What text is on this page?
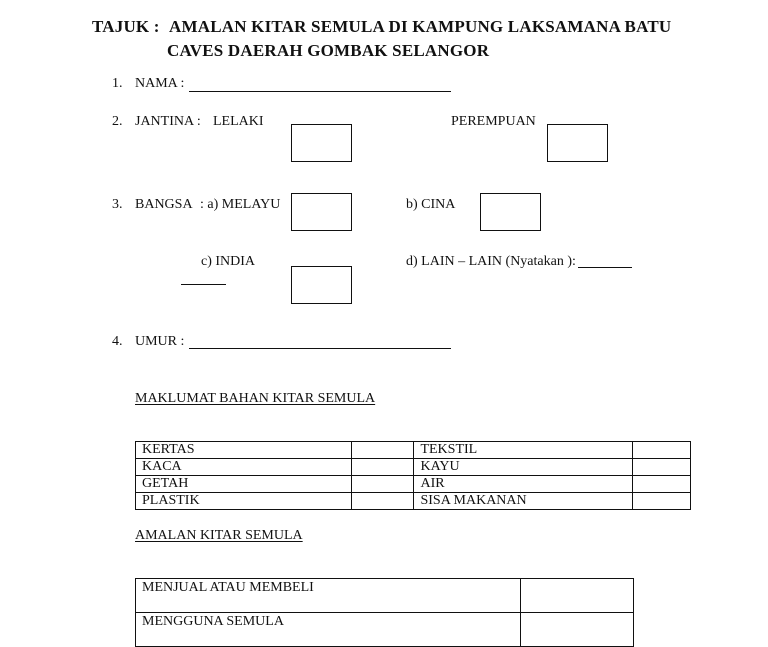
TAJUK : AMALAN KITAR SEMULA DI KAMPUNG LAKSAMANA BATU
CAVES DAERAH GOMBAK SELANGOR
1. NAMA :
2. JANTINA : LELAKI	PEREMPUAN
3. BANGSA : a) MELAYU	b) CINA
c) INDIA	d) LAIN – LAIN (Nyatakan ):
4. UMUR :
MAKLUMAT BAHAN KITAR SEMULA
KERTAS		TEKSTIL	
KACA		KAYU	
GETAH		AIR	
PLASTIK		SISA MAKANAN	
AMALAN KITAR SEMULA
MENJUAL ATAU MEMBELI	
MENGGUNA SEMULA	
